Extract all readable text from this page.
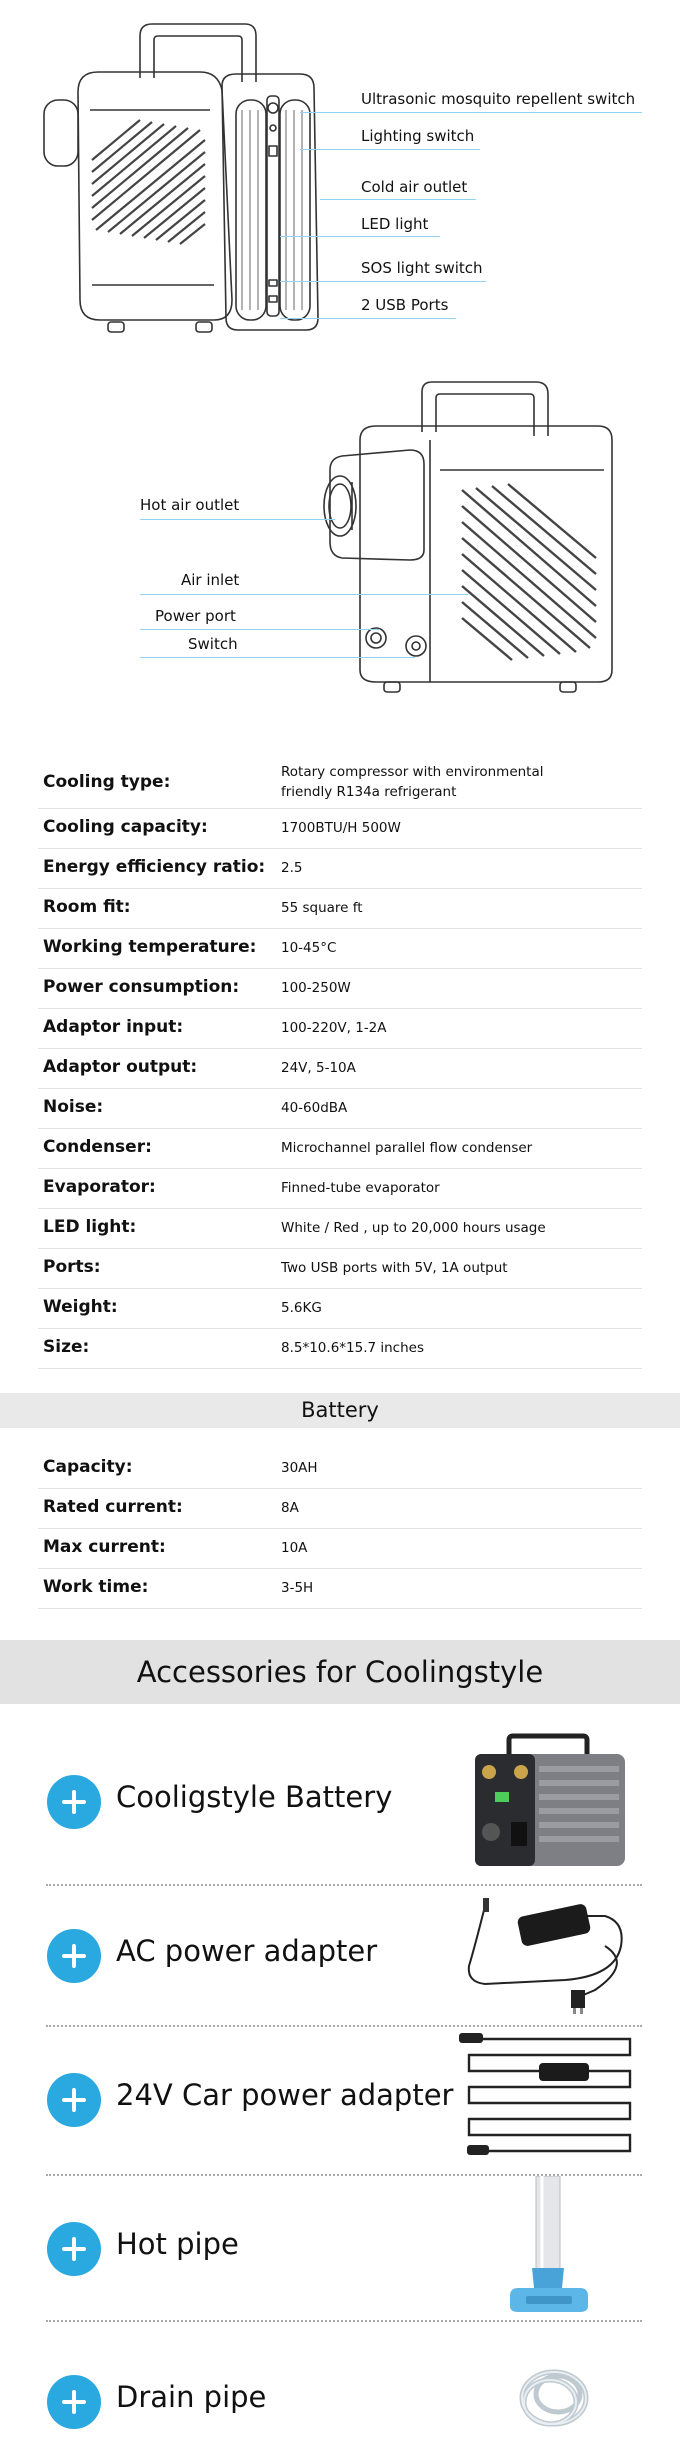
Ultrasonic mosquito repellent switch
Lighting switch
Cold air outlet
LED light
SOS light switch
2 USB Ports
Hot air outlet
Air inlet
Power port
Switch
Cooling type:	Rotary compressor with environmental friendly R134a refrigerant
Cooling capacity:	1700BTU/H 500W
Energy efficiency ratio: 2.5
Room fit:	55 square ft
Working temperature: 10-45°C
Power consumption:	100-250W
Adaptor input:	100-220V, 1-2A
Adaptor output:	24V, 5-10A
Noise:	40-60dBA
Condenser:	Microchannel parallel flow condenser
Evaporator:	Finned-tube evaporator
LED light:	White / Red , up to 20,000 hours usage
Ports:	Two USB ports with 5V, 1A output
Weight:	5.6KG
Size:	8.5*10.6*15.7 inches
Battery
Capacity:	30AH
Rated current:	8A
Max current:	10A
Work time:	3-5H
Accessories for Coolingstyle
Cooligstyle Battery
AC power adapter
24V Car power adapter
Hot pipe
Drain pipe
